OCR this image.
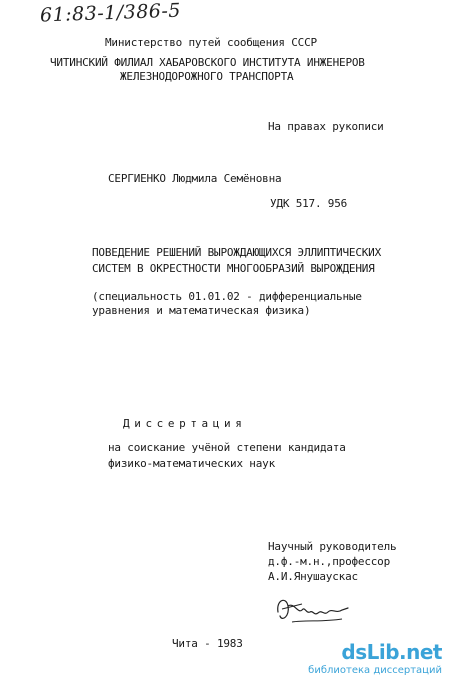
61:83-1/386-5
Министерство путей сообщения СССР
ЧИТИНСКИЙ ФИЛИАЛ ХАБАРОВСКОГО ИНСТИТУТА ИНЖЕНЕРОВ
ЖЕЛЕЗНОДОРОЖНОГО ТРАНСПОРТА
На правах рукописи
СЕРГИЕНКО Людмила Семёновна
УДК 517. 956
ПОВЕДЕНИЕ РЕШЕНИЙ ВЫРОЖДАЮЩИХСЯ ЭЛЛИПТИЧЕСКИХ
СИСТЕМ В ОКРЕСТНОСТИ МНОГООБРАЗИЙ ВЫРОЖДЕНИЯ
(специальность 01.01.02 - дифференциальные
уравнения и математическая физика)
Диссертация
на соискание учёной степени кандидата
физико-математических наук
Научный руководитель
д.ф.-м.н.,профессор
А.И.Янушаускас
Чита - 1983	dsLib.net
библиотека диссертаций
